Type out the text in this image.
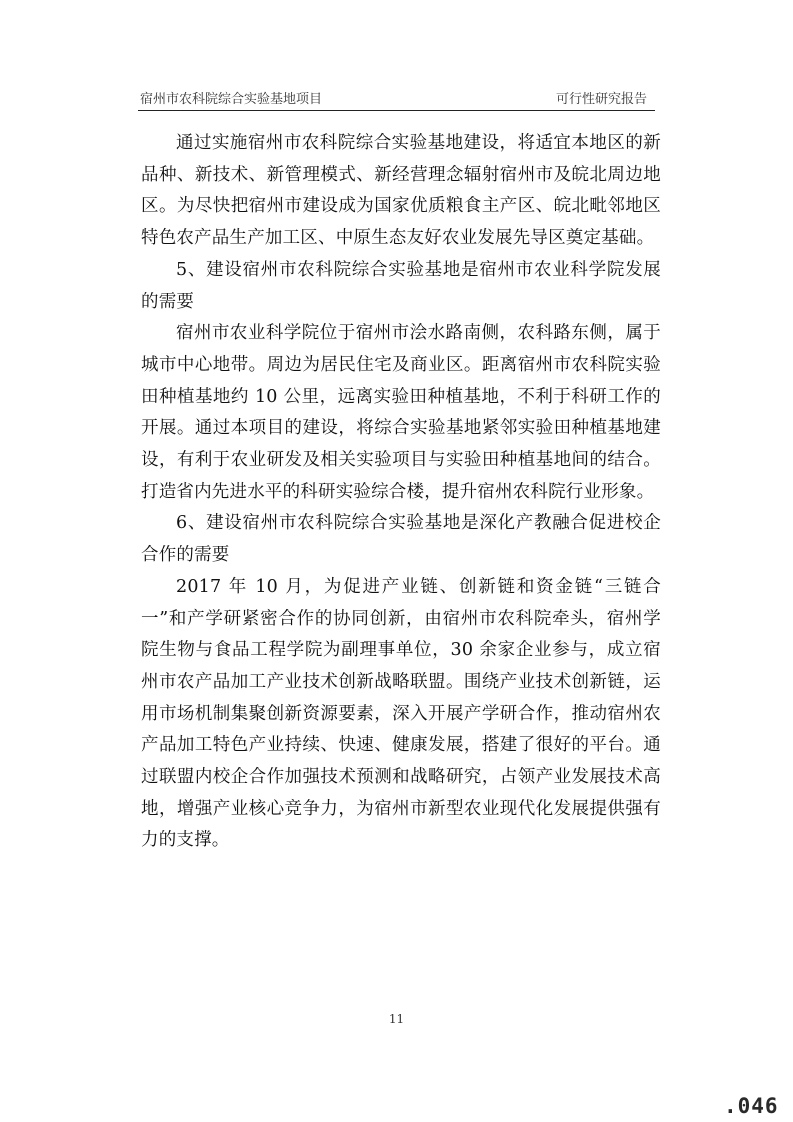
宿州市农科院综合实验基地项目	可行性研究报告

通过实施宿州市农科院综合实验基地建设，将适宜本地区的新品种、新技术、新管理模式、新经营理念辐射宿州市及皖北周边地区。为尽快把宿州市建设成为国家优质粮食主产区、皖北毗邻地区特色农产品生产加工区、中原生态友好农业发展先导区奠定基础。

5、建设宿州市农科院综合实验基地是宿州市农业科学院发展的需要

宿州市农业科学院位于宿州市浍水路南侧，农科路东侧，属于城市中心地带。周边为居民住宅及商业区。距离宿州市农科院实验田种植基地约 10 公里，远离实验田种植基地，不利于科研工作的开展。通过本项目的建设，将综合实验基地紧邻实验田种植基地建设，有利于农业研发及相关实验项目与实验田种植基地间的结合。打造省内先进水平的科研实验综合楼，提升宿州农科院行业形象。

6、建设宿州市农科院综合实验基地是深化产教融合促进校企合作的需要

2017 年 10 月，为促进产业链、创新链和资金链“三链合一”和产学研紧密合作的协同创新，由宿州市农科院牵头，宿州学院生物与食品工程学院为副理事单位，30 余家企业参与，成立宿州市农产品加工产业技术创新战略联盟。围绕产业技术创新链，运用市场机制集聚创新资源要素，深入开展产学研合作，推动宿州农产品加工特色产业持续、快速、健康发展，搭建了很好的平台。通过联盟内校企合作加强技术预测和战略研究，占领产业发展技术高地，增强产业核心竞争力，为宿州市新型农业现代化发展提供强有力的支撑。

11
.046
